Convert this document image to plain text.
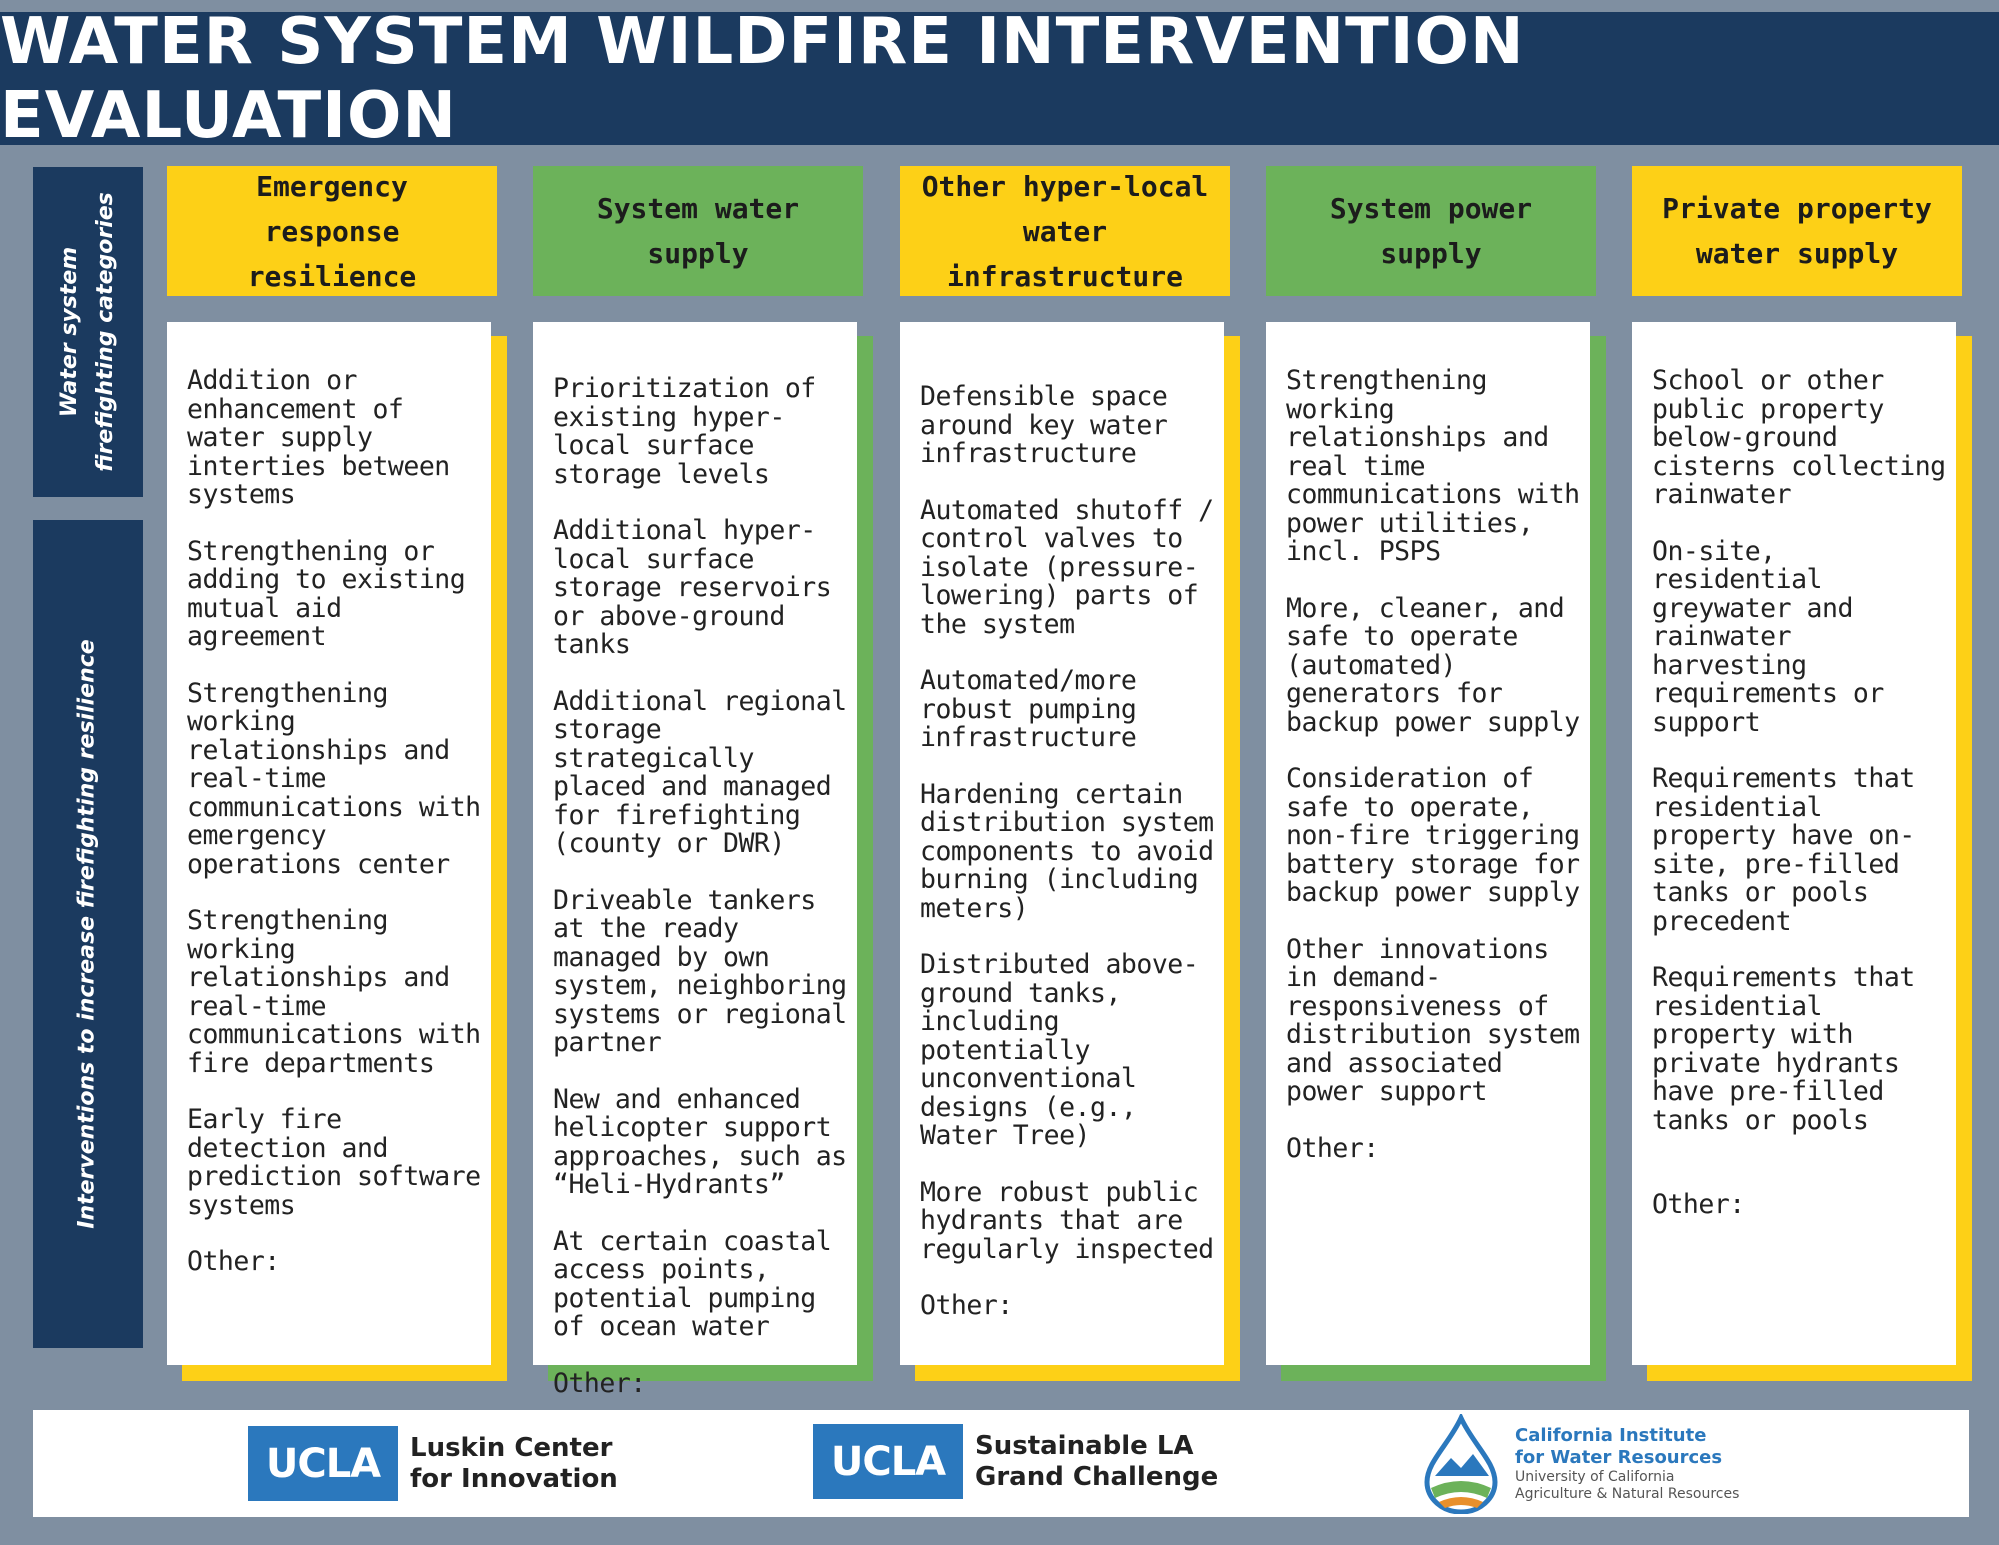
WATER SYSTEM WILDFIRE INTERVENTION EVALUATION
Water system firefighting categories
Interventions to increase firefighting resilience
Emergency
response resilience
Addition or enhancement of water supply interties between systems
Strengthening or adding to existing mutual aid agreement
Strengthening working relationships and real-time communications with emergency operations center
Strengthening working relationships and real-time communications with fire departments
Early fire detection and prediction software systems
Other:
System water
supply
Prioritization of existing hyper-local surface storage levels
Additional hyper-local surface storage reservoirs or above-ground tanks
Additional regional storage strategically placed and managed for firefighting (county or DWR)
Driveable tankers at the ready managed by own system, neighboring systems or regional partner
New and enhanced helicopter support approaches, such as “Heli-Hydrants”
At certain coastal access points, potential pumping of ocean water
Other:
Other hyper-local
water infrastructure
Defensible space around key water infrastructure
Automated shutoff / control valves to isolate (pressure-lowering) parts of the system
Automated/more robust pumping infrastructure
Hardening certain distribution system components to avoid burning (including meters)
Distributed above-ground tanks, including potentially unconventional designs (e.g., Water Tree)
More robust public hydrants that are regularly inspected
Other:
System power
supply
Strengthening working relationships and real time communications with power utilities, incl. PSPS
More, cleaner, and safe to operate (automated) generators for backup power supply
Consideration of safe to operate, non-fire triggering battery storage for backup power supply
Other innovations in demand-responsiveness of distribution system and associated power support
Other:
Private property
water supply
School or other public property below-ground cisterns collecting rainwater
On-site, residential greywater and rainwater harvesting requirements or support
Requirements that residential property have on-site, pre-filled tanks or pools precedent
Requirements that residential property with private hydrants have pre-filled tanks or pools
Other:
UCLA	Luskin Center
for Innovation	UCLA	Sustainable LA
Grand Challenge
California Institute
for Water Resources
University of California
Agriculture & Natural Resources
